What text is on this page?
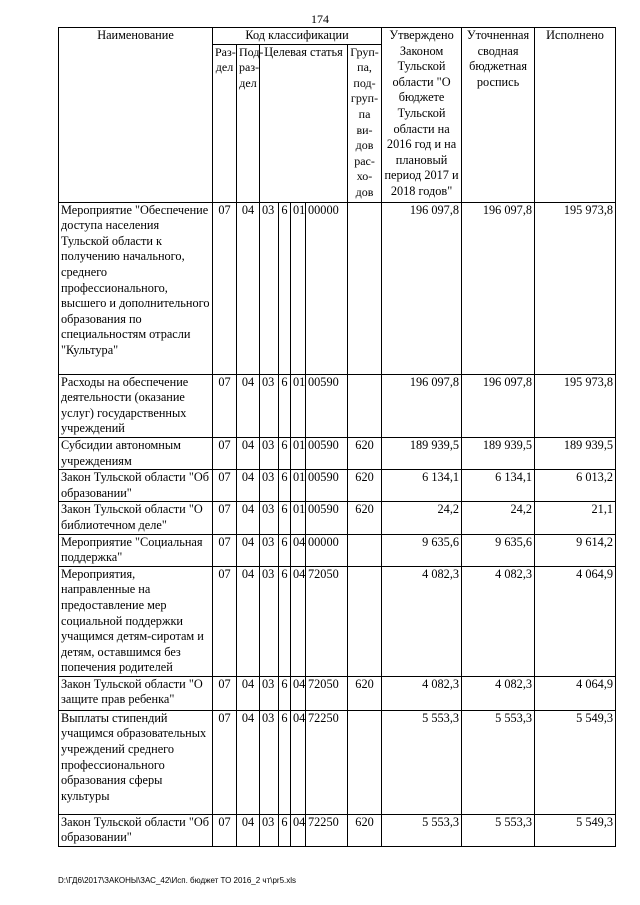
174
Наименование	Код классификации							Утверждено Законом Тульской области "О бюджете Тульской области на 2016 год и на плановый период 2017 и 2018 годов"	Уточненная сводная бюджетная роспись	Исполнено
	Раз-дел	Под-раз-дел	Целевая статья				Груп-па, под-груп-па ви-дов рас-хо-дов			
Мероприятие "Обеспечение доступа населения Тульской области к получению начального, среднего профессионального, высшего и дополнительного образования по специальностям отрасли "Культура"	07	04	03	6	01	00000		196 097,8	196 097,8	195 973,8
Расходы на обеспечение деятельности (оказание услуг) государственных учреждений	07	04	03	6	01	00590		196 097,8	196 097,8	195 973,8
Субсидии автономным учреждениям	07	04	03	6	01	00590	620	189 939,5	189 939,5	189 939,5
Закон Тульской области "Об образовании"	07	04	03	6	01	00590	620	6 134,1	6 134,1	6 013,2
Закон Тульской области "О библиотечном деле"	07	04	03	6	01	00590	620	24,2	24,2	21,1
Мероприятие "Социальная поддержка"	07	04	03	6	04	00000		9 635,6	9 635,6	9 614,2
Мероприятия, направленные на предоставление мер социальной поддержки учащимся детям-сиротам и детям, оставшимся без попечения родителей	07	04	03	6	04	72050		4 082,3	4 082,3	4 064,9
Закон Тульской области "О защите прав ребенка"	07	04	03	6	04	72050	620	4 082,3	4 082,3	4 064,9
Выплаты стипендий учащимся образовательных учреждений среднего профессионального образования сферы культуры	07	04	03	6	04	72250		5 553,3	5 553,3	5 549,3
Закон Тульской области "Об образовании"	07	04	03	6	04	72250	620	5 553,3	5 553,3	5 549,3
D:\ГД6\2017\ЗАКОНЫ\ЗАС_42\Исп. бюджет ТО 2016_2 чт\pr5.xls
